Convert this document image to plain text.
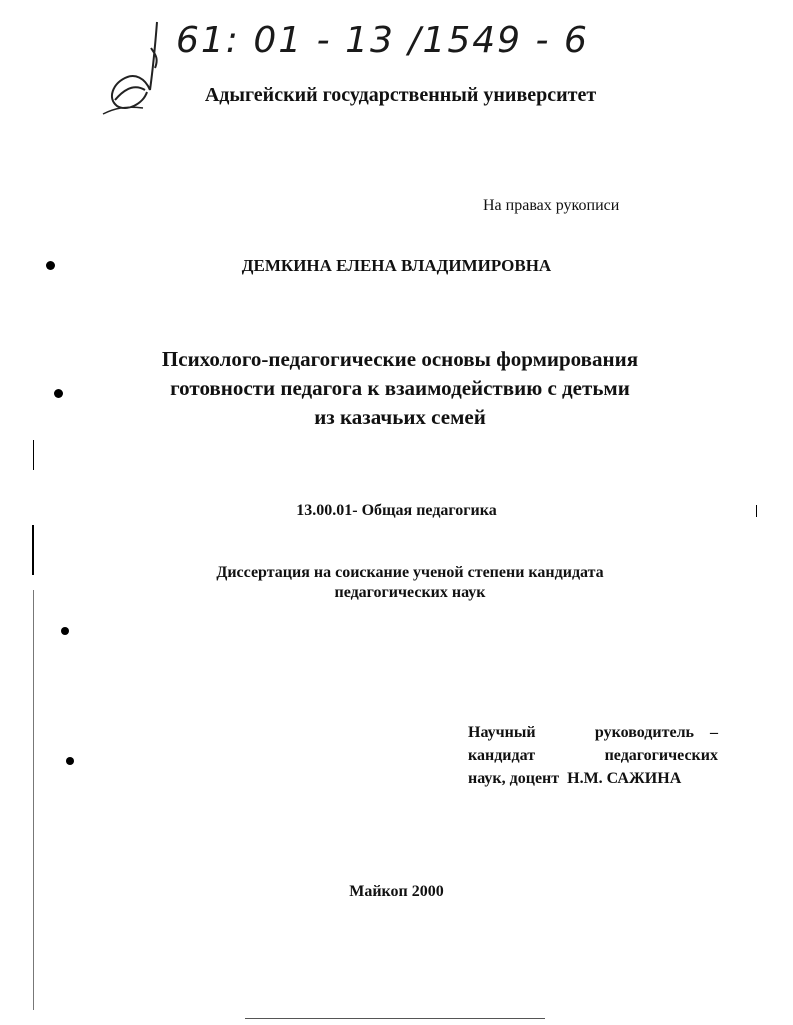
61: 01 - 13 /1549 - 6
Адыгейский государственный университет
На правах рукописи
ДЕМКИНА ЕЛЕНА ВЛАДИМИРОВНА
Психолого-педагогические основы формирования
готовности педагога к взаимодействию с детьми
из казачьих семей
13.00.01- Общая педагогика
Диссертация на соискание ученой степени кандидата
педагогических наук
Научный	руководитель    –
кандидат	педагогических
наук, доцент  Н.М. САЖИНА
Майкоп 2000
